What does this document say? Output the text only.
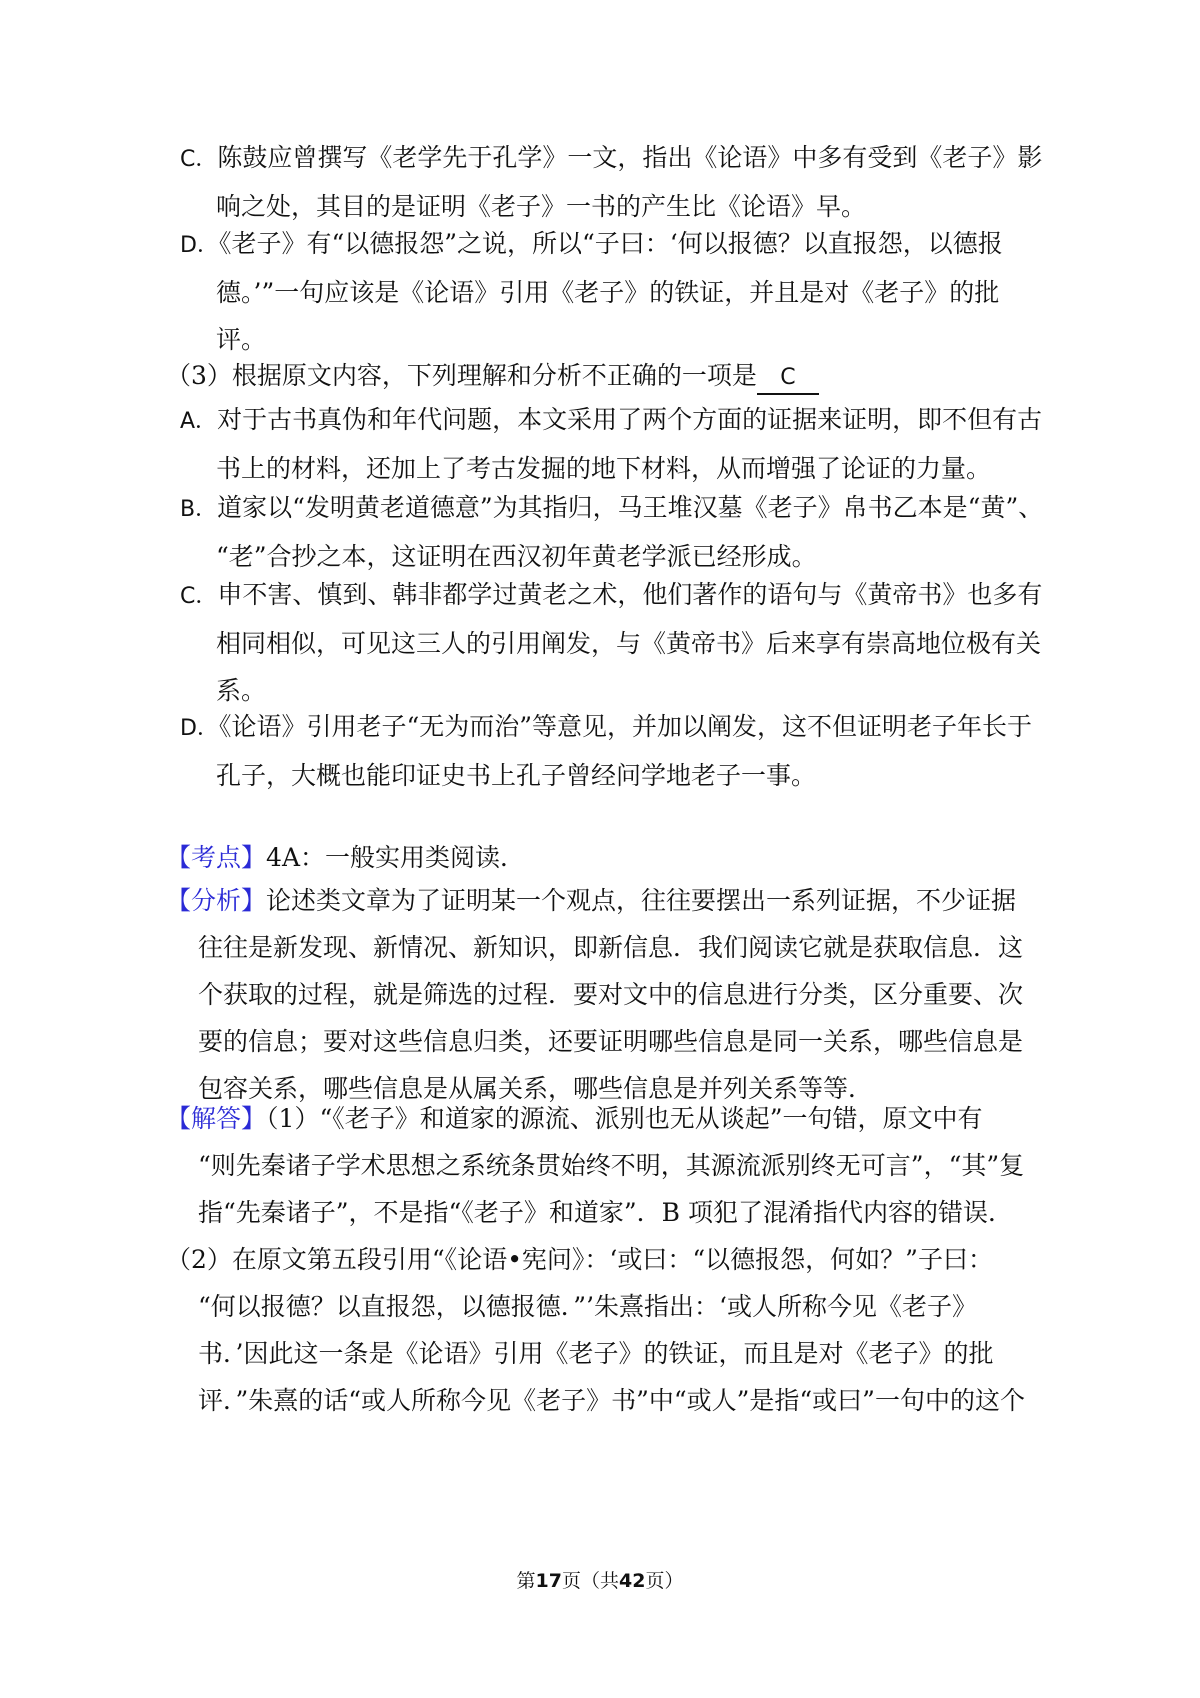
C．陈鼓应曾撰写《老学先于孔学》一文，指出《论语》中多有受到《老子》影
响之处，其目的是证明《老子》一书的产生比《论语》早。
D．《老子》有“以德报怨”之说，所以“子曰：‘何以报德？以直报怨，以德报
德。’”一句应该是《论语》引用《老子》的铁证，并且是对《老子》的批
评。
（3）根据原文内容，下列理解和分析不正确的一项是 C
A．对于古书真伪和年代问题，本文采用了两个方面的证据来证明，即不但有古
书上的材料，还加上了考古发掘的地下材料，从而增强了论证的力量。
B．道家以“发明黄老道德意”为其指归，马王堆汉墓《老子》帛书乙本是“黄”、
“老”合抄之本，这证明在西汉初年黄老学派已经形成。
C．申不害、慎到、韩非都学过黄老之术，他们著作的语句与《黄帝书》也多有
相同相似，可见这三人的引用阐发，与《黄帝书》后来享有崇高地位极有关
系。
D．《论语》引用老子“无为而治”等意见，并加以阐发，这不但证明老子年长于
孔子，大概也能印证史书上孔子曾经问学地老子一事。
【考点】4A：一般实用类阅读．
【分析】论述类文章为了证明某一个观点，往往要摆出一系列证据，不少证据
往往是新发现、新情况、新知识，即新信息．我们阅读它就是获取信息．这
个获取的过程，就是筛选的过程．要对文中的信息进行分类，区分重要、次
要的信息；要对这些信息归类，还要证明哪些信息是同一关系，哪些信息是
包容关系，哪些信息是从属关系，哪些信息是并列关系等等．
【解答】（1）“《老子》和道家的源流、派别也无从谈起”一句错，原文中有
“则先秦诸子学术思想之系统条贯始终不明，其源流派别终无可言”，“其”复
指“先秦诸子”，不是指“《老子》和道家”．B 项犯了混淆指代内容的错误．
（2）在原文第五段引用“《论语•宪问》：‘或曰：“以德报怨，何如？”子曰：
“何以报德？以直报怨，以德报德．”’朱熹指出：‘或人所称今见《老子》
书．’因此这一条是《论语》引用《老子》的铁证，而且是对《老子》的批
评．”朱熹的话“或人所称今见《老子》书”中“或人”是指“或曰”一句中的这个
第17页（共42页）
